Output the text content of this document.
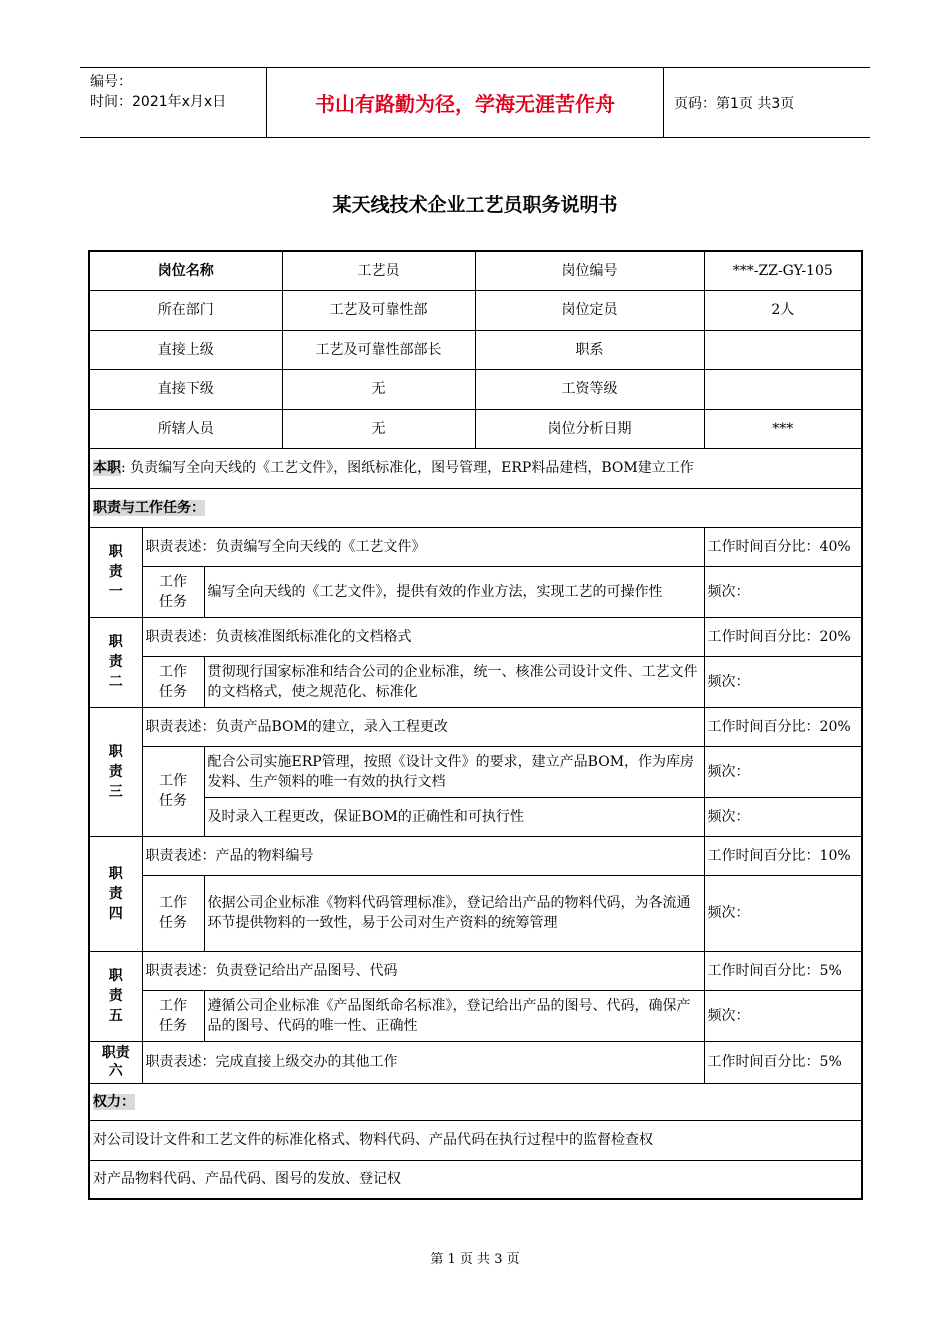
编号：
时间：2021年x月x日	书山有路勤为径，学海无涯苦作舟	页码：第1页 共3页
某天线技术企业工艺员职务说明书
岗位名称			工艺员	岗位编号	***-ZZ-GY-105
所在部门			工艺及可靠性部	岗位定员	2人
直接上级			工艺及可靠性部部长	职系	
直接下级			无	工资等级	
所辖人员			无	岗位分析日期	***
本职: 负责编写全向天线的《工艺文件》，图纸标准化，图号管理，ERP料品建档，BOM建立工作					
职责与工作任务：					
职责一	职责表述：负责编写全向天线的《工艺文件》				工作时间百分比：40%
	工作任务	编写全向天线的《工艺文件》，提供有效的作业方法，实现工艺的可操作性			频次：
职责二	职责表述：负责核准图纸标准化的文档格式				工作时间百分比：20%
	工作任务	贯彻现行国家标准和结合公司的企业标准，统一、核准公司设计文件、工艺文件的文档格式，使之规范化、标准化			频次：
职责三	职责表述：负责产品BOM的建立，录入工程更改				工作时间百分比：20%
	工作任务	配合公司实施ERP管理，按照《设计文件》的要求，建立产品BOM，作为库房发料、生产领料的唯一有效的执行文档			频次：
		及时录入工程更改，保证BOM的正确性和可执行性			频次：
职责四	职责表述：产品的物料编号				工作时间百分比：10%
	工作任务	依据公司企业标准《物料代码管理标准》，登记给出产品的物料代码，为各流通环节提供物料的一致性，易于公司对生产资料的统筹管理			频次：
职责五	职责表述：负责登记给出产品图号、代码				工作时间百分比：5%
	工作任务	遵循公司企业标准《产品图纸命名标准》，登记给出产品的图号、代码，确保产品的图号、代码的唯一性、正确性			频次：
职责六	职责表述：完成直接上级交办的其他工作				工作时间百分比：5%
权力：					
对公司设计文件和工艺文件的标准化格式、物料代码、产品代码在执行过程中的监督检查权					
对产品物料代码、产品代码、图号的发放、登记权					
第 1 页 共 3 页
